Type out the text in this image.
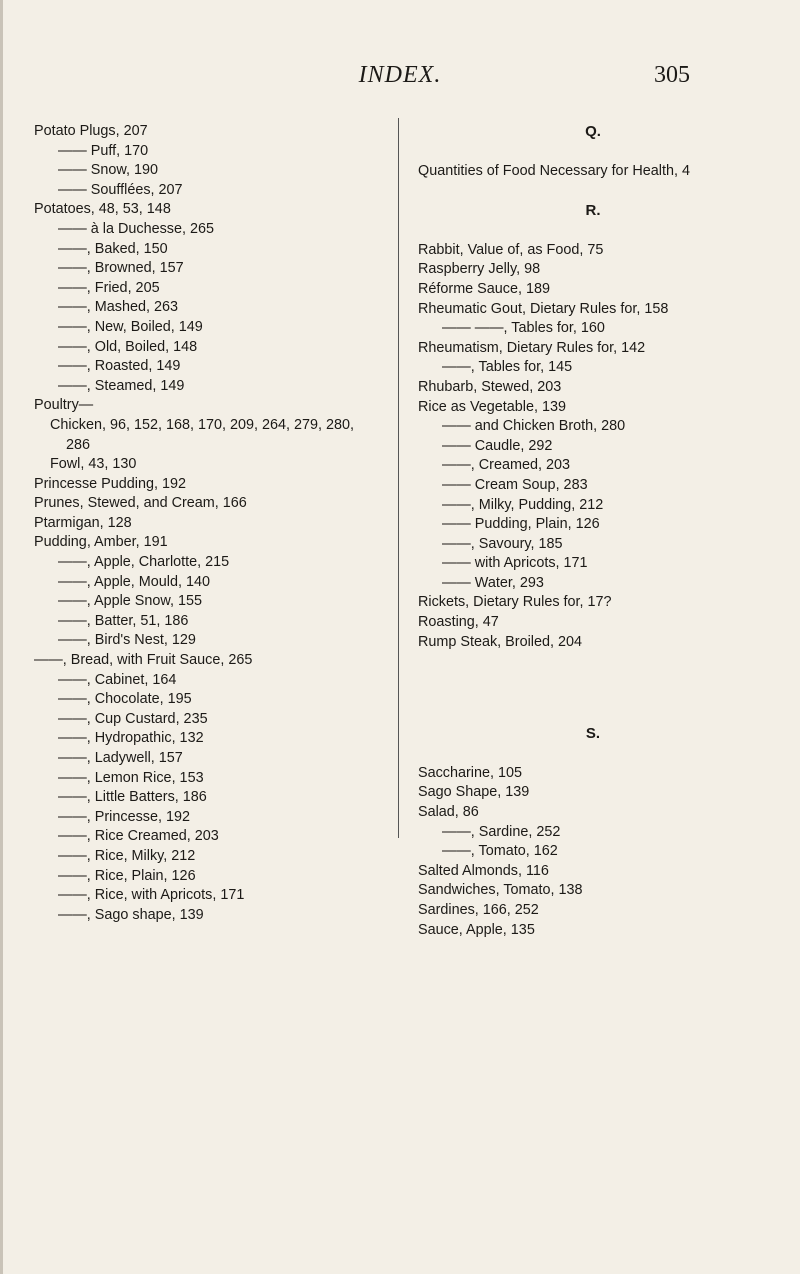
INDEX.	305
Potato Plugs, 207
—— Puff, 170
—— Snow, 190
—— Soufflées, 207
Potatoes, 48, 53, 148
—— à la Duchesse, 265
——, Baked, 150
——, Browned, 157
——, Fried, 205
——, Mashed, 263
——, New, Boiled, 149
——, Old, Boiled, 148
——, Roasted, 149
——, Steamed, 149
Poultry—
Chicken, 96, 152, 168, 170, 209, 264, 279, 280, 286
Fowl, 43, 130
Princesse Pudding, 192
Prunes, Stewed, and Cream, 166
Ptarmigan, 128
Pudding, Amber, 191
——, Apple, Charlotte, 215
——, Apple, Mould, 140
——, Apple Snow, 155
——, Batter, 51, 186
——, Bird's Nest, 129
——, Bread, with Fruit Sauce, 265
——, Cabinet, 164
——, Chocolate, 195
——, Cup Custard, 235
——, Hydropathic, 132
——, Ladywell, 157
——, Lemon Rice, 153
——, Little Batters, 186
——, Princesse, 192
——, Rice Creamed, 203
——, Rice, Milky, 212
——, Rice, Plain, 126
——, Rice, with Apricots, 171
——, Sago shape, 139
Q.
Quantities of Food Necessary for Health, 4
R.
Rabbit, Value of, as Food, 75
Raspberry Jelly, 98
Réforme Sauce, 189
Rheumatic Gout, Dietary Rules for, 158
—— ——, Tables for, 160
Rheumatism, Dietary Rules for, 142
——, Tables for, 145
Rhubarb, Stewed, 203
Rice as Vegetable, 139
—— and Chicken Broth, 280
—— Caudle, 292
——, Creamed, 203
—— Cream Soup, 283
——, Milky, Pudding, 212
—— Pudding, Plain, 126
——, Savoury, 185
—— with Apricots, 171
—— Water, 293
Rickets, Dietary Rules for, 17?
Roasting, 47
Rump Steak, Broiled, 204
S.
Saccharine, 105
Sago Shape, 139
Salad, 86
——, Sardine, 252
——, Tomato, 162
Salted Almonds, 116
Sandwiches, Tomato, 138
Sardines, 166, 252
Sauce, Apple, 135
